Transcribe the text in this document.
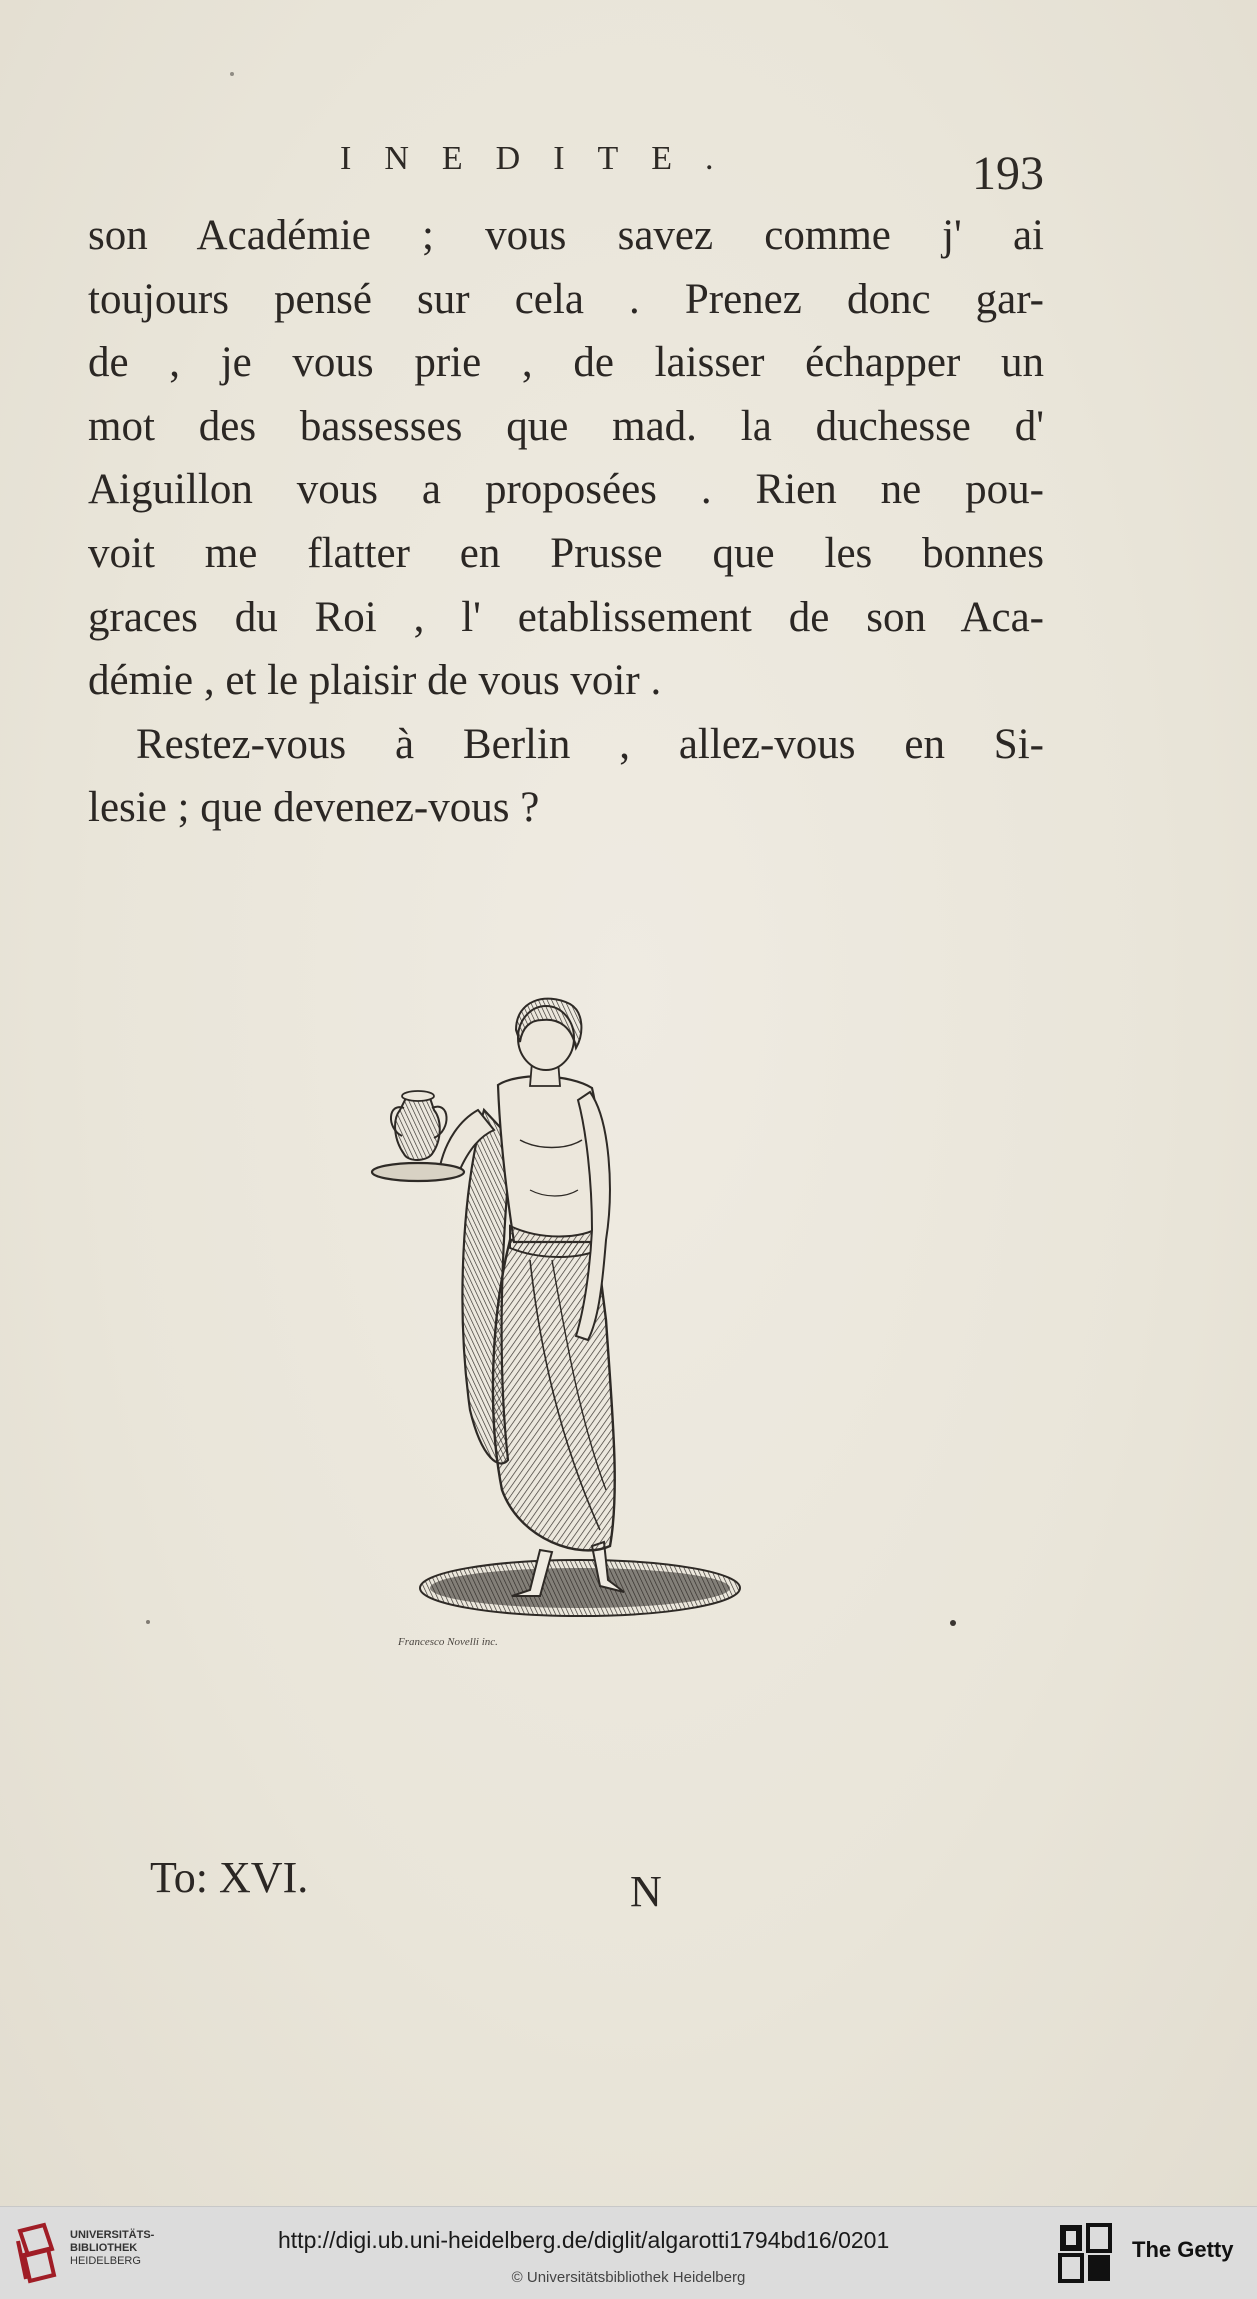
INEDITE.	193
son Académie ; vous savez comme j' ai
toujours pensé sur cela . Prenez donc gar-
de , je vous prie , de laisser échapper un
mot des bassesses que mad. la duchesse d'
Aiguillon vous a proposées . Rien ne pou-
voit me flatter en Prusse que les bonnes
graces du Roi , l' etablissement de son Aca-
démie , et le plaisir de vous voir .
Restez-vous à Berlin , allez-vous en Si-
lesie ; que devenez-vous ?
Francesco Novelli inc.
To: XVI.	N
UNIVERSITÄTS-
BIBLIOTHEK
HEIDELBERG
http://digi.ub.uni-heidelberg.de/diglit/algarotti1794bd16/0201
© Universitätsbibliothek Heidelberg
The Getty
